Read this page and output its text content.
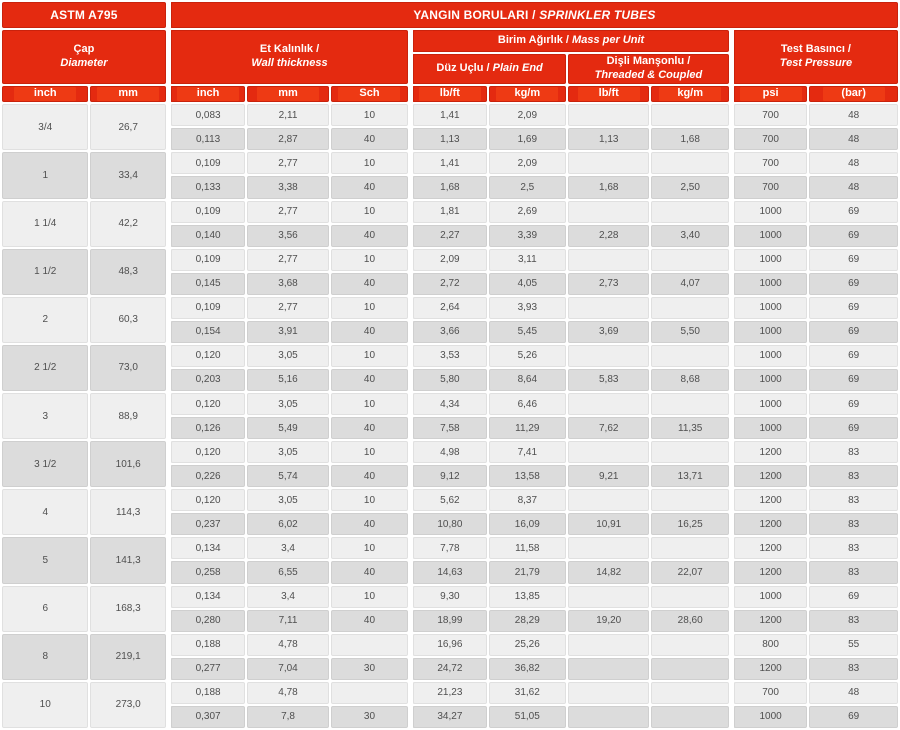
ASTM A795		YANGIN BORULARI / SPRINKLER TUBES								

Çap
Diameter

Et Kalınlık /
Wall thickness
	Birim Ağırlık / Mass per Unit	
Test Basıncı /
Test Pressure

					Düz Uçlu / Plain End		Dişli Manşonlu /
Threaded & Coupled			

inch	mm	inch	mm	Sch	lb/ft	kg/m	lb/ft	kg/m	psi	(bar)
3/4	26,7	0,083	2,11	10	1,41	2,09			700	48
		0,113	2,87	40	1,13	1,69	1,13	1,68	700	48
1	33,4	0,109	2,77	10	1,41	2,09			700	48
		0,133	3,38	40	1,68	2,5	1,68	2,50	700	48
1 1/4	42,2	0,109	2,77	10	1,81	2,69			1000	69
		0,140	3,56	40	2,27	3,39	2,28	3,40	1000	69
1 1/2	48,3	0,109	2,77	10	2,09	3,11			1000	69
		0,145	3,68	40	2,72	4,05	2,73	4,07	1000	69
2	60,3	0,109	2,77	10	2,64	3,93			1000	69
		0,154	3,91	40	3,66	5,45	3,69	5,50	1000	69
2 1/2	73,0	0,120	3,05	10	3,53	5,26			1000	69
		0,203	5,16	40	5,80	8,64	5,83	8,68	1000	69
3	88,9	0,120	3,05	10	4,34	6,46			1000	69
		0,126	5,49	40	7,58	11,29	7,62	11,35	1000	69
3 1/2	101,6	0,120	3,05	10	4,98	7,41			1200	83
		0,226	5,74	40	9,12	13,58	9,21	13,71	1200	83
4	114,3	0,120	3,05	10	5,62	8,37			1200	83
		0,237	6,02	40	10,80	16,09	10,91	16,25	1200	83
5	141,3	0,134	3,4	10	7,78	11,58			1200	83
		0,258	6,55	40	14,63	21,79	14,82	22,07	1200	83
6	168,3	0,134	3,4	10	9,30	13,85			1000	69
		0,280	7,11	40	18,99	28,29	19,20	28,60	1200	83
8	219,1	0,188	4,78		16,96	25,26			800	55
		0,277	7,04	30	24,72	36,82			1200	83
10	273,0	0,188	4,78		21,23	31,62			700	48
		0,307	7,8	30	34,27	51,05			1000	69
